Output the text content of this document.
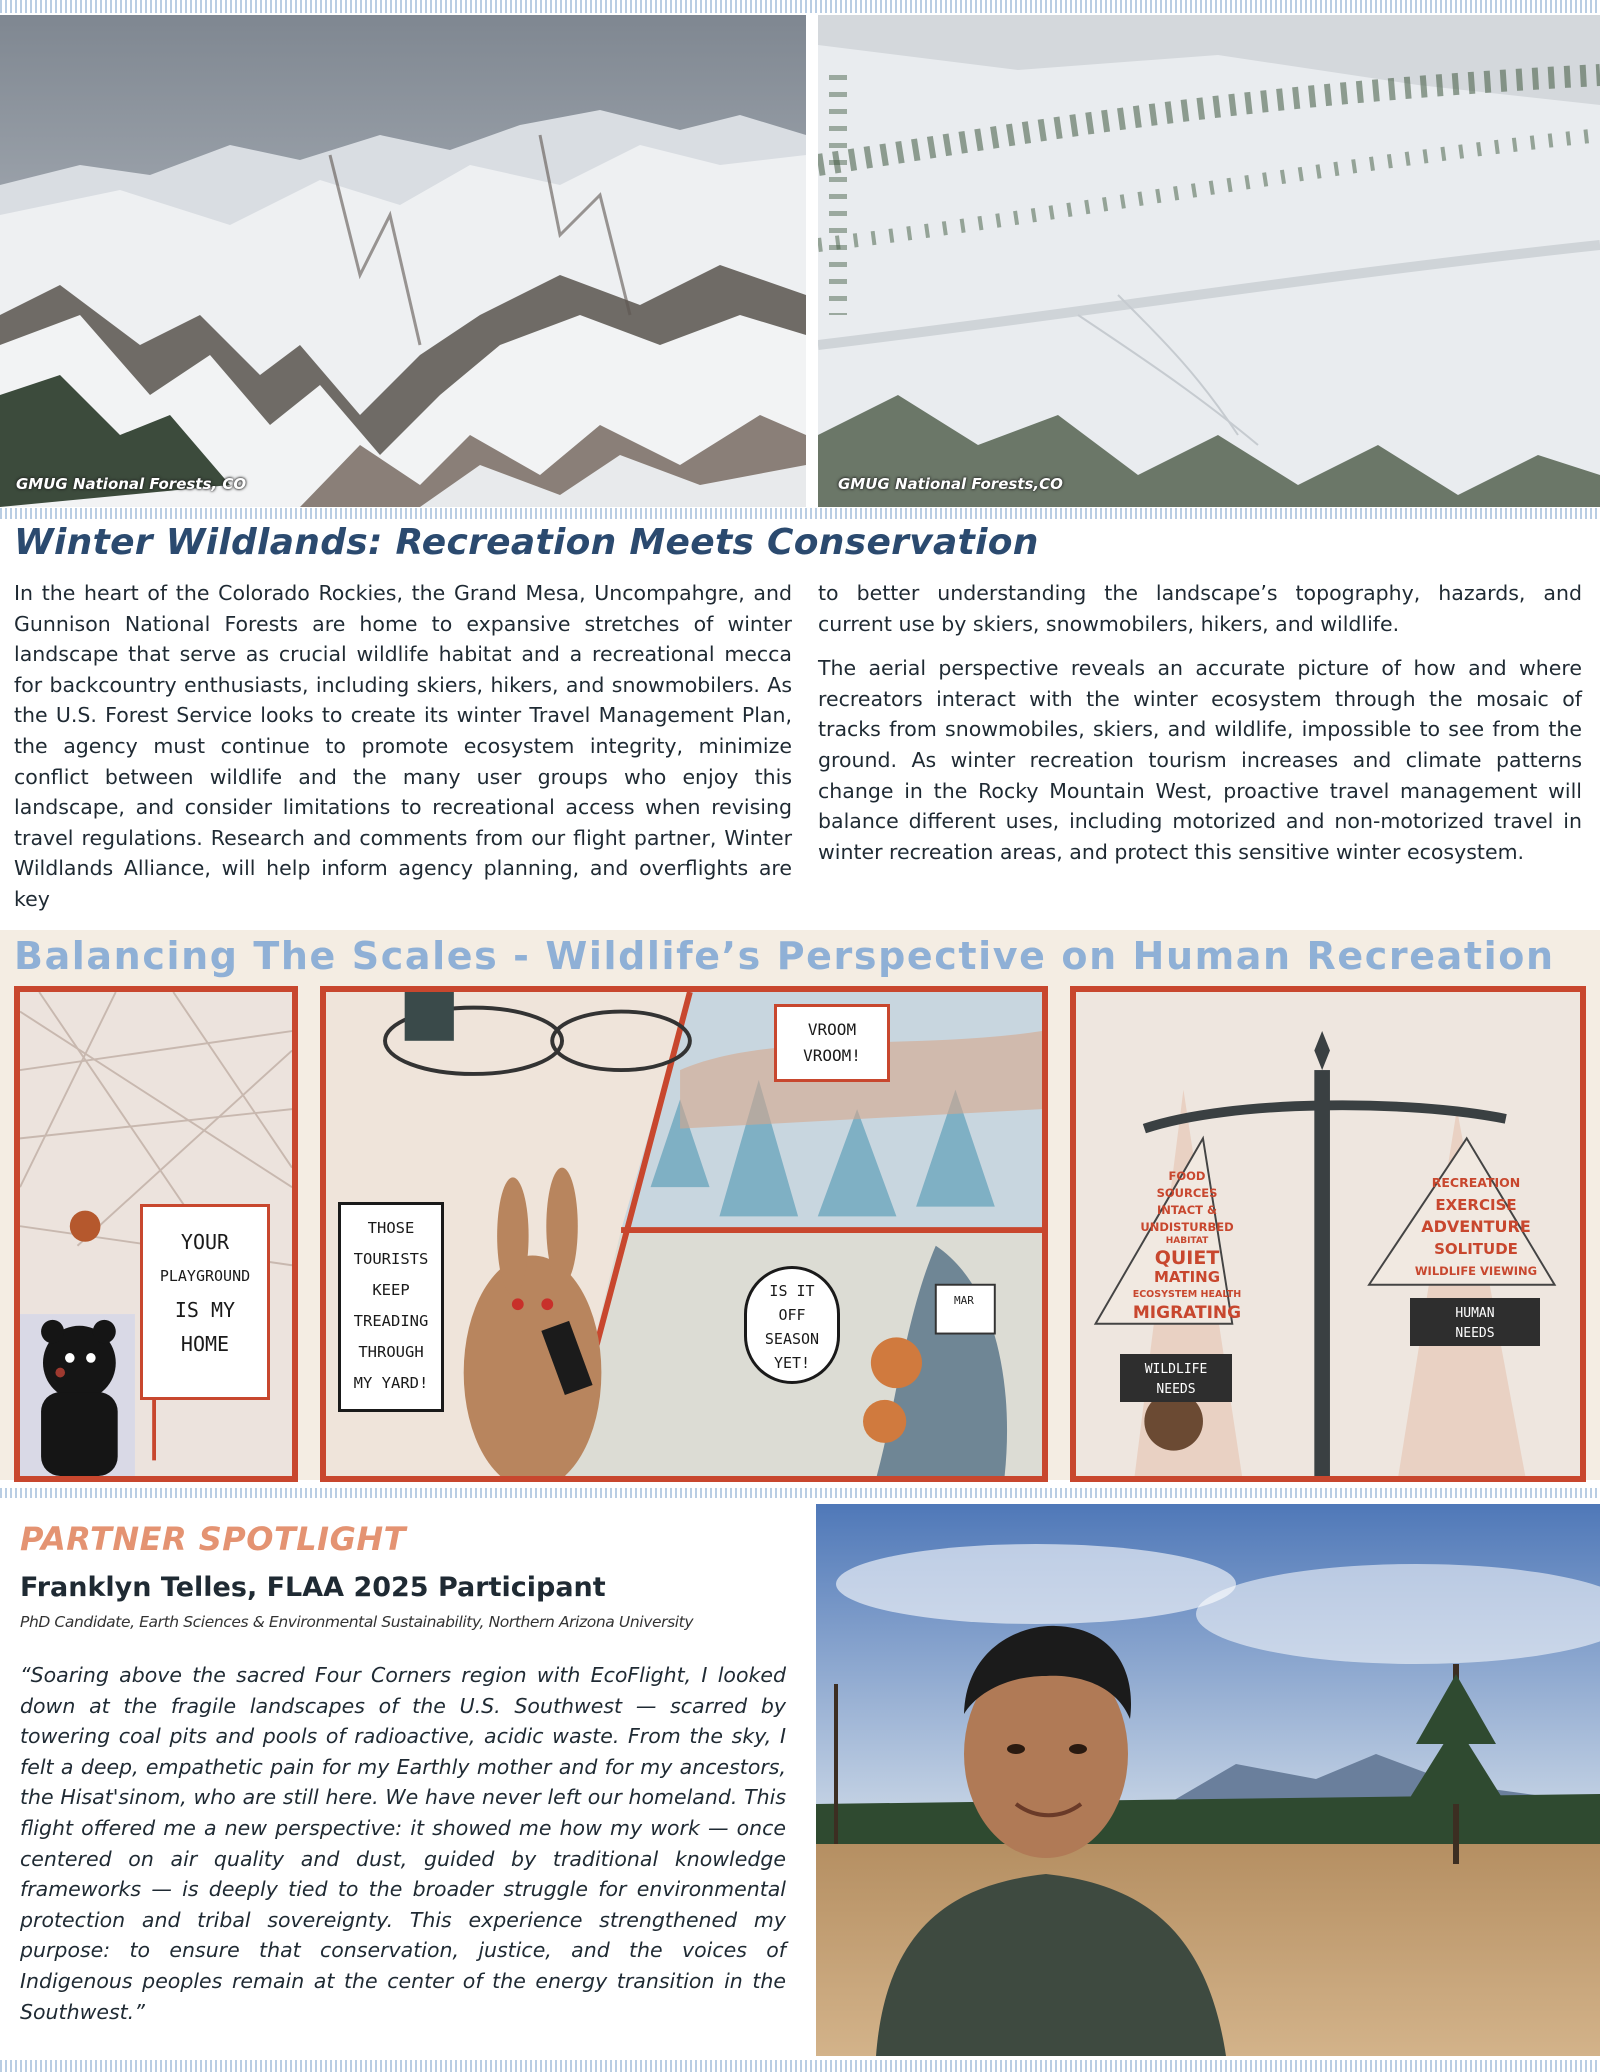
GMUG National Forests, CO	GMUG National Forests,CO
Winter Wildlands: Recreation Meets Conservation

In the heart of the Colorado Rockies, the Grand Mesa, Uncompahgre, and Gunnison National Forests are home to expansive stretches of winter landscape that serve as crucial wildlife habitat and a recreational mecca for backcountry enthusiasts, including skiers, hikers, and snowmobilers. As the U.S. Forest Service looks to create its winter Travel Management Plan, the agency must continue to promote ecosystem integrity, minimize conflict between wildlife and the many user groups who enjoy this landscape, and consider limitations to recreational access when revising travel regulations. Research and comments from our flight partner, Winter Wildlands Alliance, will help inform agency planning, and overflights are key

to better understanding the landscape’s topography, hazards, and current use by skiers, snowmobilers, hikers, and wildlife.

The aerial perspective reveals an accurate picture of how and where recreators interact with the winter ecosystem through the mosaic of tracks from snowmobiles, skiers, and wildlife, impossible to see from the ground. As winter recreation tourism increases and climate patterns change in the Rocky Mountain West, proactive travel management will balance different uses, including motorized and non-motorized travel in winter recreation areas, and protect this sensitive winter ecosystem.

Balancing The Scales - Wildlife’s Perspective on Human Recreation
YOUR
PLAYGROUND
IS MY
HOME
THOSE
TOURISTS
KEEP
TREADING
THROUGH
MY YARD!
VROOM
VROOM!
IS IT
OFF
SEASON
YET!
MAR
FOOD
SOURCES
INTACT &
UNDISTURBED
HABITAT
QUIET
MATING
ECOSYSTEM HEALTH
MIGRATING
WILDLIFE
NEEDS
RECREATION
EXERCISE
ADVENTURE
SOLITUDE
WILDLIFE VIEWING
HUMAN
NEEDS
PARTNER SPOTLIGHT
Franklyn Telles, FLAA 2025 Participant

PhD Candidate, Earth Sciences & Environmental Sustainability, Northern Arizona University

“Soaring above the sacred Four Corners region with EcoFlight, I looked down at the fragile landscapes of the U.S. Southwest — scarred by towering coal pits and pools of radioactive, acidic waste. From the sky, I felt a deep, empathetic pain for my Earthly mother and for my ancestors, the Hisat'sinom, who are still here. We have never left our homeland. This flight offered me a new perspective: it showed me how my work — once centered on air quality and dust, guided by traditional knowledge frameworks — is deeply tied to the broader struggle for environmental protection and tribal sovereignty. This experience strengthened my purpose: to ensure that conservation, justice, and the voices of Indigenous peoples remain at the center of the energy transition in the Southwest.”
